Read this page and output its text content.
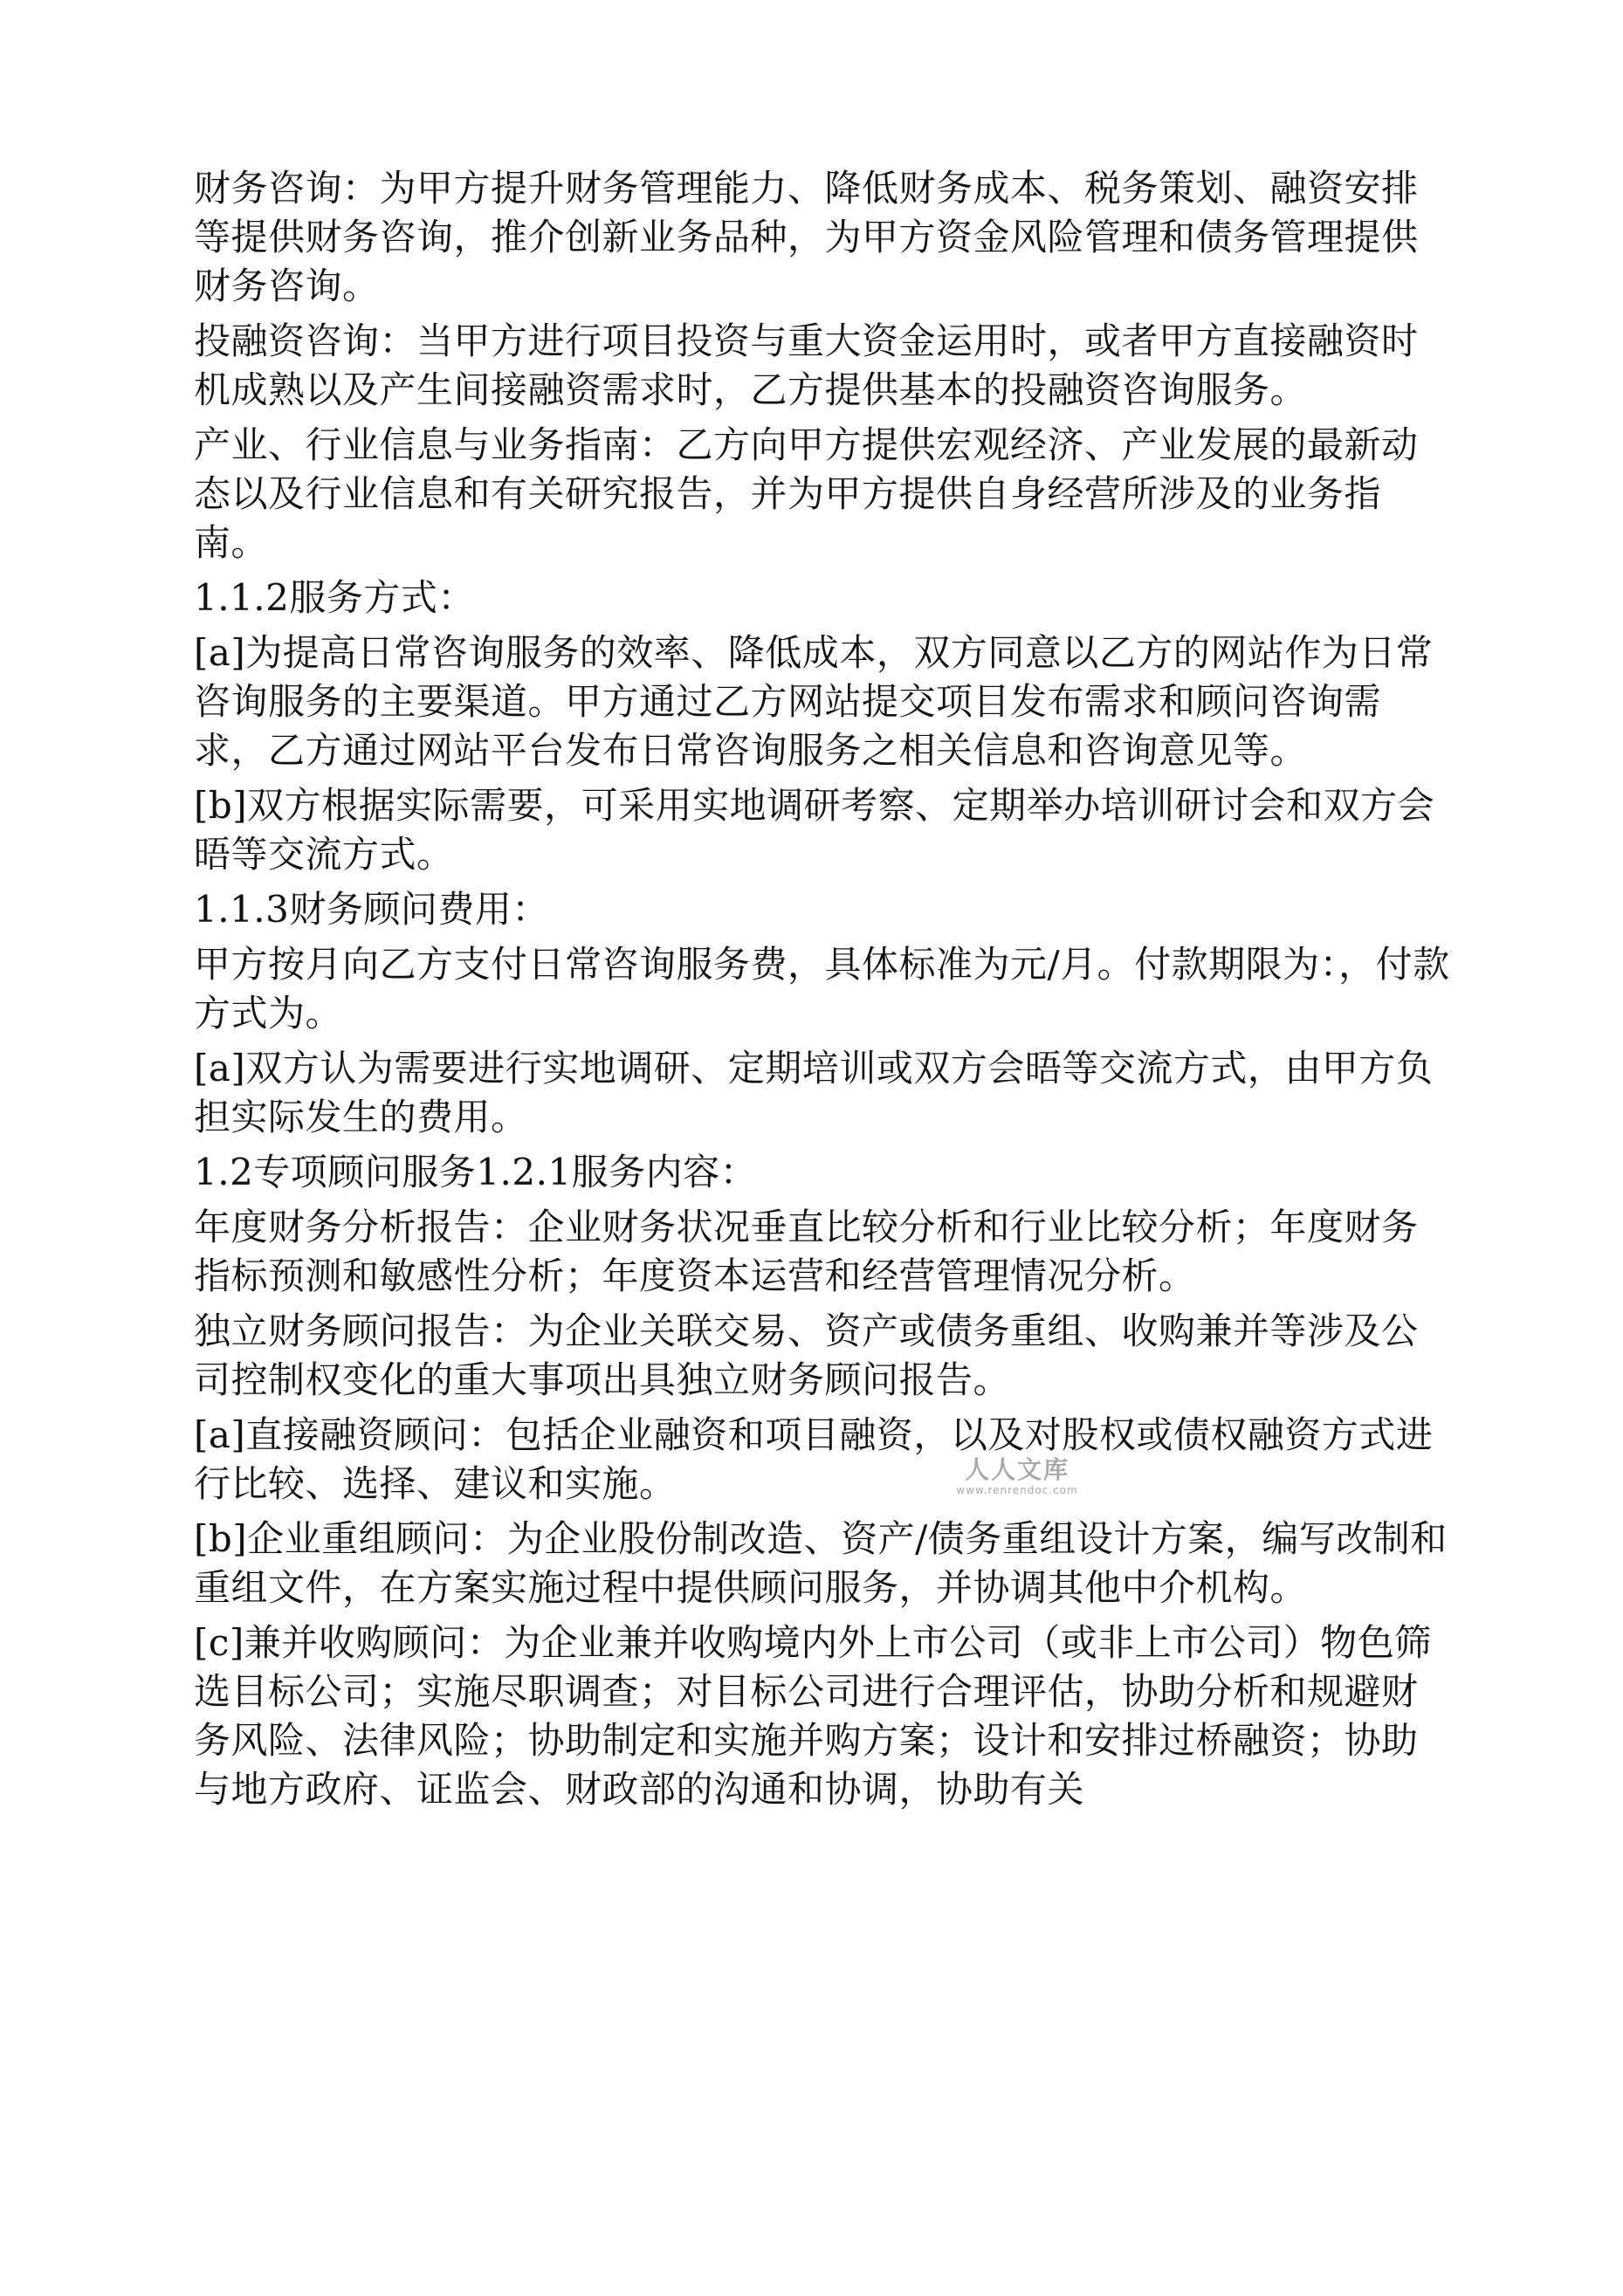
财务咨询：为甲方提升财务管理能力、降低财务成本、税务策划、融资安排等提供财务咨询，推介创新业务品种，为甲方资金风险管理和债务管理提供财务咨询。

投融资咨询：当甲方进行项目投资与重大资金运用时，或者甲方直接融资时机成熟以及产生间接融资需求时，乙方提供基本的投融资咨询服务。

产业、行业信息与业务指南：乙方向甲方提供宏观经济、产业发展的最新动态以及行业信息和有关研究报告，并为甲方提供自身经营所涉及的业务指南。

1.1.2服务方式：

[a]为提高日常咨询服务的效率、降低成本，双方同意以乙方的网站作为日常咨询服务的主要渠道。甲方通过乙方网站提交项目发布需求和顾问咨询需求，乙方通过网站平台发布日常咨询服务之相关信息和咨询意见等。

[b]双方根据实际需要，可采用实地调研考察、定期举办培训研讨会和双方会晤等交流方式。

1.1.3财务顾问费用：

甲方按月向乙方支付日常咨询服务费，具体标准为元/月。付款期限为：，付款方式为。

[a]双方认为需要进行实地调研、定期培训或双方会晤等交流方式，由甲方负担实际发生的费用。

1.2专项顾问服务1.2.1服务内容：

年度财务分析报告：企业财务状况垂直比较分析和行业比较分析；年度财务指标预测和敏感性分析；年度资本运营和经营管理情况分析。

独立财务顾问报告：为企业关联交易、资产或债务重组、收购兼并等涉及公司控制权变化的重大事项出具独立财务顾问报告。

[a]直接融资顾问：包括企业融资和项目融资，以及对股权或债权融资方式进行比较、选择、建议和实施。

[b]企业重组顾问：为企业股份制改造、资产/债务重组设计方案，编写改制和重组文件，在方案实施过程中提供顾问服务，并协调其他中介机构。

[c]兼并收购顾问：为企业兼并收购境内外上市公司（或非上市公司）物色筛选目标公司；实施尽职调查；对目标公司进行合理评估，协助分析和规避财务风险、法律风险；协助制定和实施并购方案；设计和安排过桥融资；协助与地方政府、证监会、财政部的沟通和协调，协助有关

人人文库
www.renrendoc.com
